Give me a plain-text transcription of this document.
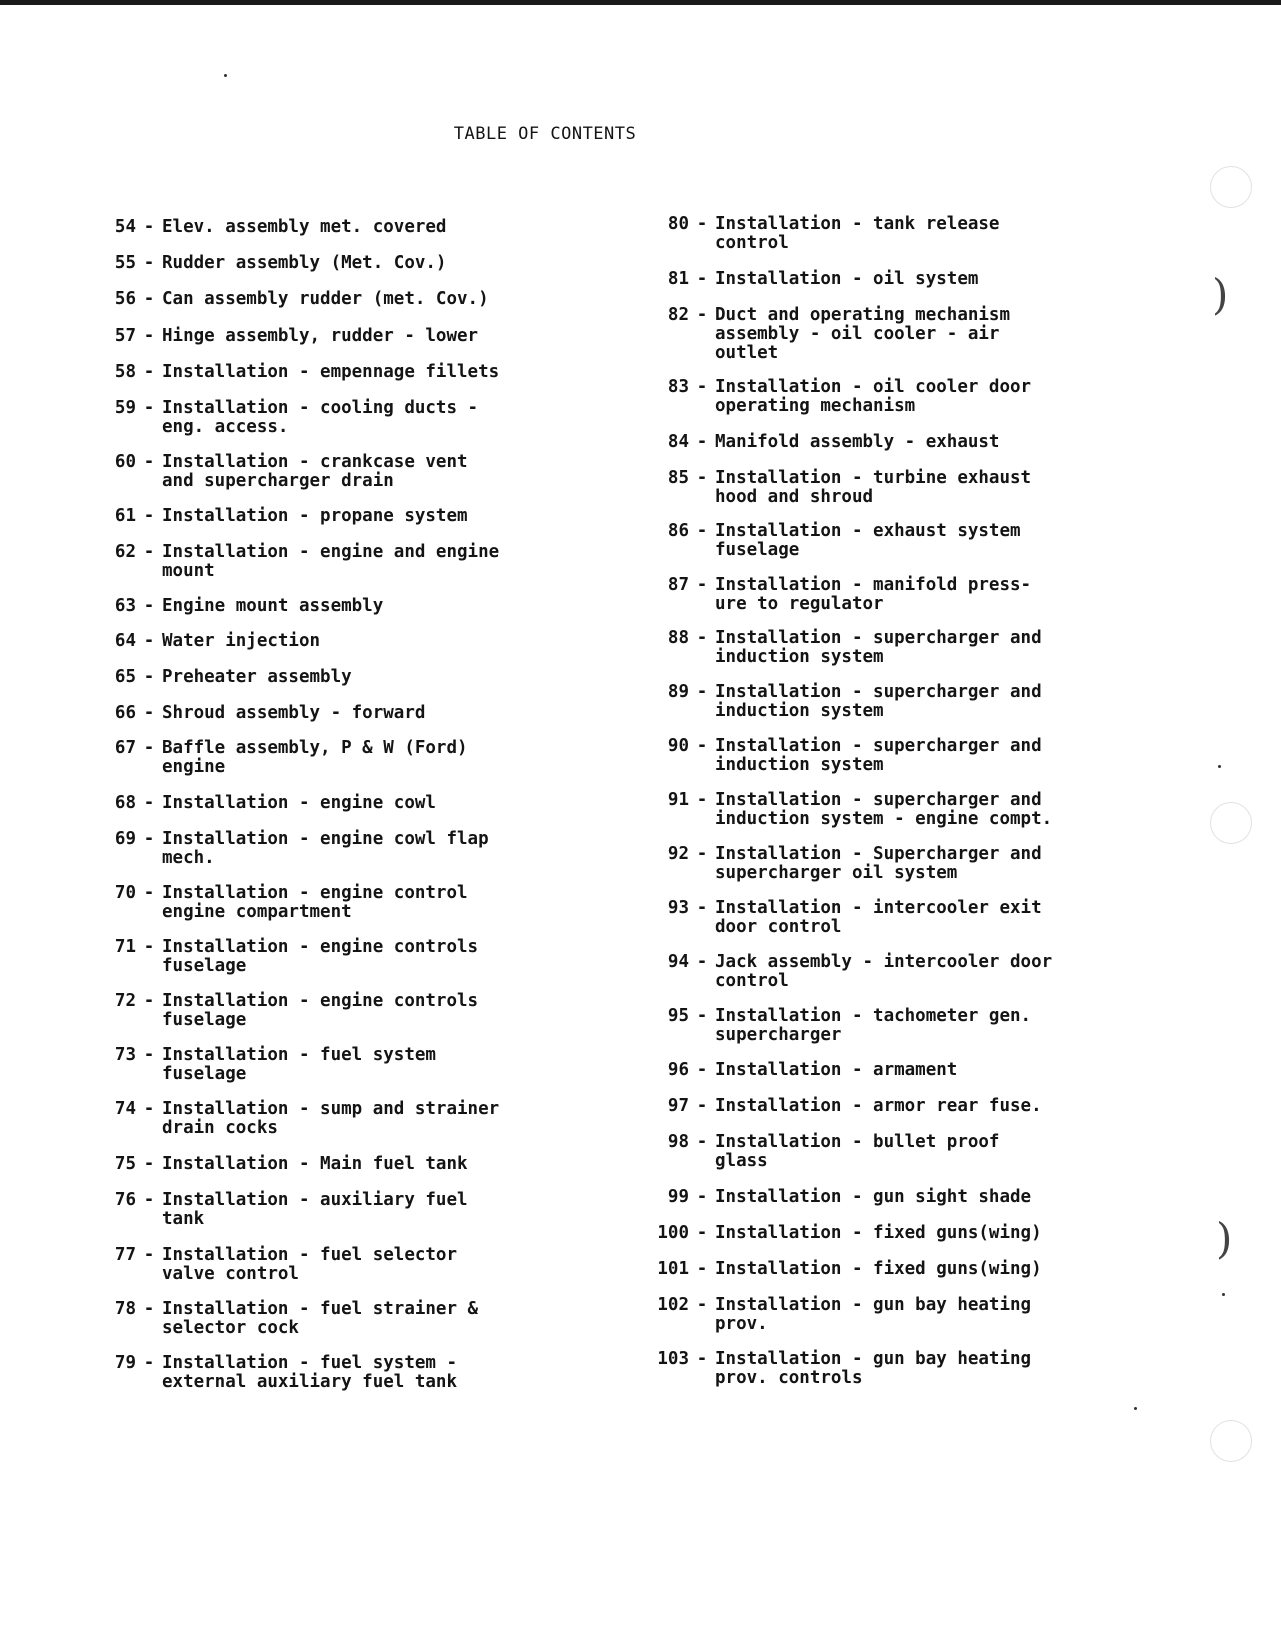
)
)
TABLE OF CONTENTS
54 - Elev. assembly met. covered
55 - Rudder assembly (Met. Cov.)
56 - Can assembly rudder (met. Cov.)
57 - Hinge assembly, rudder - lower
58 - Installation - empennage fillets
59 - Installation - cooling ducts -
eng. access.
60 - Installation - crankcase vent
and supercharger drain
61 - Installation - propane system
62 - Installation - engine and engine
mount
63 - Engine mount assembly
64 - Water injection
65 - Preheater assembly
66 - Shroud assembly - forward
67 - Baffle assembly, P & W (Ford)
engine
68 - Installation - engine cowl
69 - Installation - engine cowl flap
mech.
70 - Installation - engine control
engine compartment
71 - Installation - engine controls
fuselage
72 - Installation - engine controls
fuselage
73 - Installation - fuel system
fuselage
74 - Installation - sump and strainer
drain cocks
75 - Installation - Main fuel tank
76 - Installation - auxiliary fuel
tank
77 - Installation - fuel selector
valve control
78 - Installation - fuel strainer &
selector cock
79 - Installation - fuel system -
external auxiliary fuel tank
80 - Installation - tank release
control
81 - Installation - oil system
82 - Duct and operating mechanism
assembly - oil cooler - air
outlet
83 - Installation - oil cooler door
operating mechanism
84 - Manifold assembly - exhaust
85 - Installation - turbine exhaust
hood and shroud
86 - Installation - exhaust system
fuselage
87 - Installation - manifold press-
ure to regulator
88 - Installation - supercharger and
induction system
89 - Installation - supercharger and
induction system
90 - Installation - supercharger and
induction system
91 - Installation - supercharger and
induction system - engine compt.
92 - Installation - Supercharger and
supercharger oil system
93 - Installation - intercooler exit
door control
94 - Jack assembly - intercooler door
control
95 - Installation - tachometer gen.
supercharger
96 - Installation - armament
97 - Installation - armor rear fuse.
98 - Installation - bullet proof
glass
99 - Installation - gun sight shade
100 - Installation - fixed guns(wing)
101 - Installation - fixed guns(wing)
102 - Installation - gun bay heating
prov.
103 - Installation - gun bay heating
prov. controls
